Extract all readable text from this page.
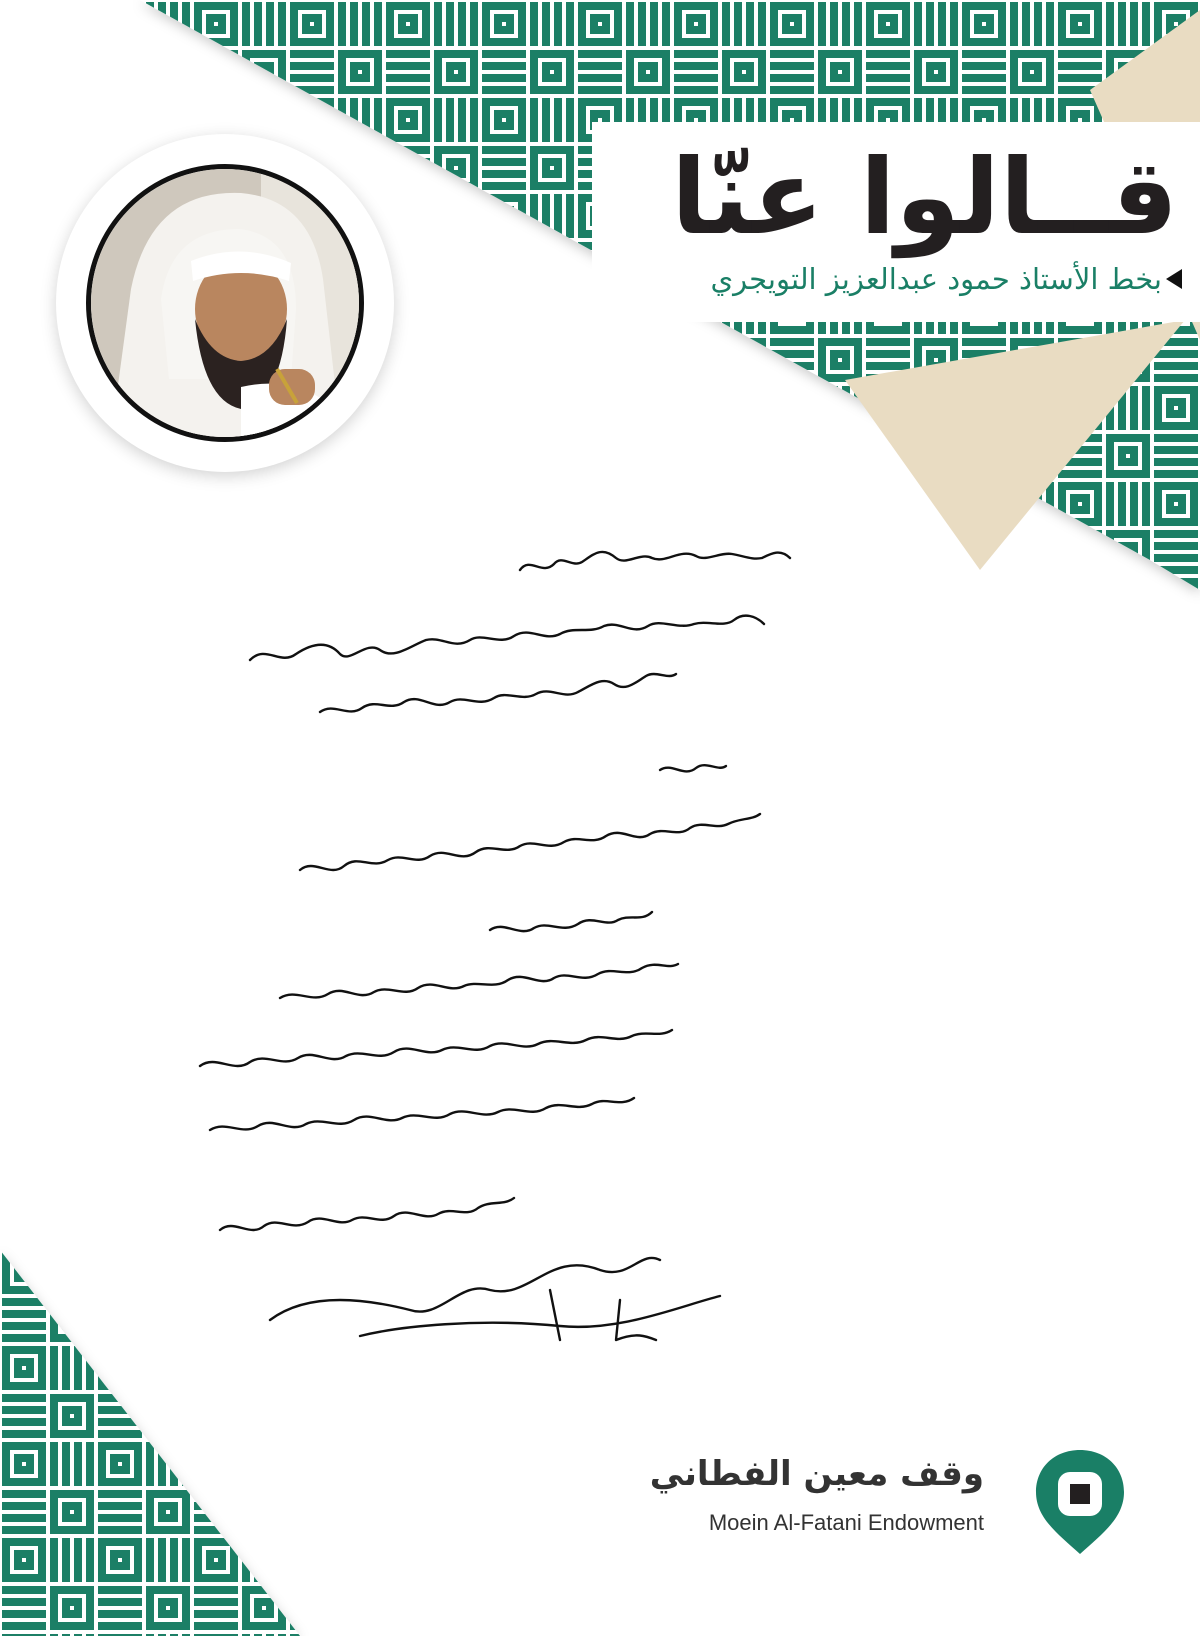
قــالوا عنّا
بخط الأستاذ حمود عبدالعزيز التويجري
وقف معين الفطاني
Moein Al-Fatani Endowment
